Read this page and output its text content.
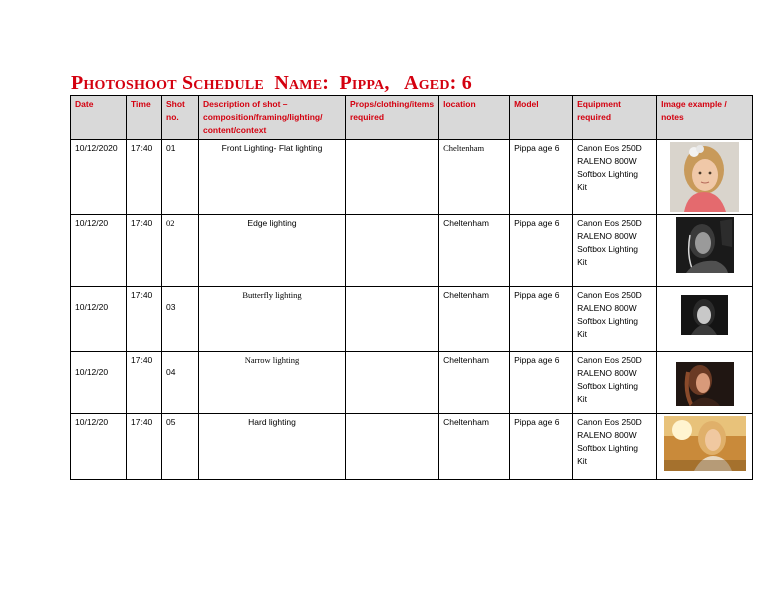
Photoshoot Schedule Name: Pippa, Aged: 6
Date	Time	Shot no.	Description of shot – composition/framing/lighting/ content/context	Props/clothing/items required	location	Model	Equipment required	Image example / notes
10/12/2020	17:40	01	Front Lighting- Flat lighting		Cheltenham	Pippa age 6	Canon Eos 250D
RALENO 800W
Softbox Lighting
Kit

10/12/20	17:40	02	Edge lighting		Cheltenham	Pippa age 6	Canon Eos 250D
RALENO 800W
Softbox Lighting
Kit

10/12/20	17:40	03	Butterfly lighting		Cheltenham	Pippa age 6	Canon Eos 250D
RALENO 800W
Softbox Lighting
Kit

10/12/20	17:40	04	Narrow lighting		Cheltenham	Pippa age 6	Canon Eos 250D
RALENO 800W
Softbox Lighting
Kit

10/12/20	17:40	05	Hard lighting		Cheltenham	Pippa age 6	Canon Eos 250D
RALENO 800W
Softbox Lighting
Kit
